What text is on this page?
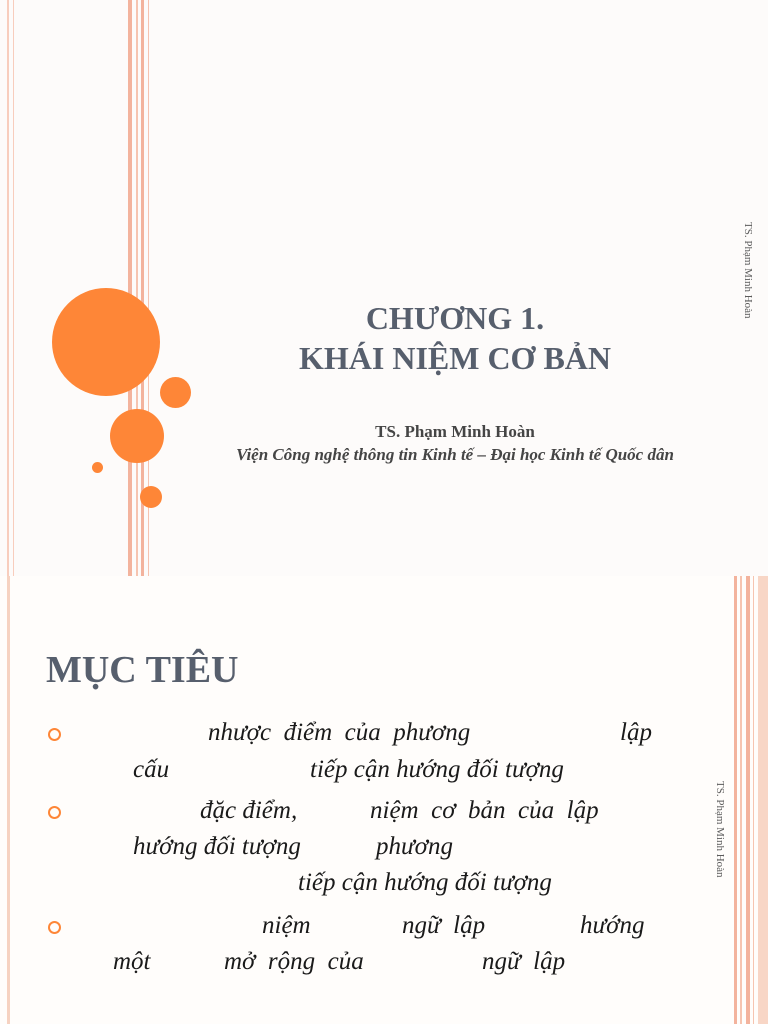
CHƯƠNG 1.
KHÁI NIỆM CƠ BẢN
TS. Phạm Minh Hoàn
Viện Công nghệ thông tin Kinh tế – Đại học Kinh tế Quốc dân
TS. Phạm Minh Hoàn
MỤC TIÊU
TS. Phạm Minh Hoàn
nhược  điểm  của  phương	lập
cấu	tiếp cận hướng đối tượng
đặc điểm,	niệm  cơ  bản  của  lập
hướng đối tượng	phương
tiếp cận hướng đối tượng
niệm	ngữ  lập	hướng
một	mở  rộng  của	ngữ  lập
